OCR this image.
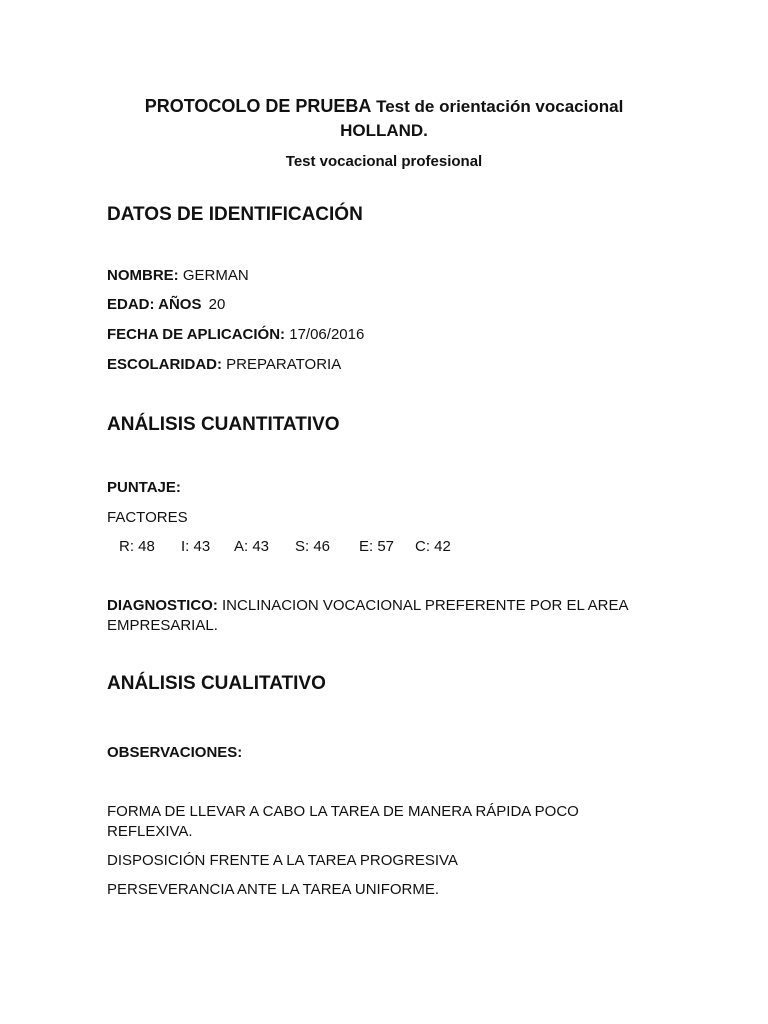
PROTOCOLO DE PRUEBA Test de orientación vocacional
HOLLAND.
Test vocacional profesional
DATOS DE IDENTIFICACIÓN
NOMBRE: GERMAN
EDAD: AÑOS 20
FECHA DE APLICACIÓN: 17/06/2016
ESCOLARIDAD: PREPARATORIA
ANÁLISIS CUANTITATIVO
PUNTAJE:
FACTORES
R: 48	I: 43	A: 43	S: 46	E: 57	C: 42
DIAGNOSTICO: INCLINACION VOCACIONAL PREFERENTE POR EL AREA EMPRESARIAL.
ANÁLISIS CUALITATIVO
OBSERVACIONES:
FORMA DE LLEVAR A CABO LA TAREA DE MANERA RÁPIDA POCO REFLEXIVA.
DISPOSICIÓN FRENTE A LA TAREA PROGRESIVA
PERSEVERANCIA ANTE LA TAREA UNIFORME.
